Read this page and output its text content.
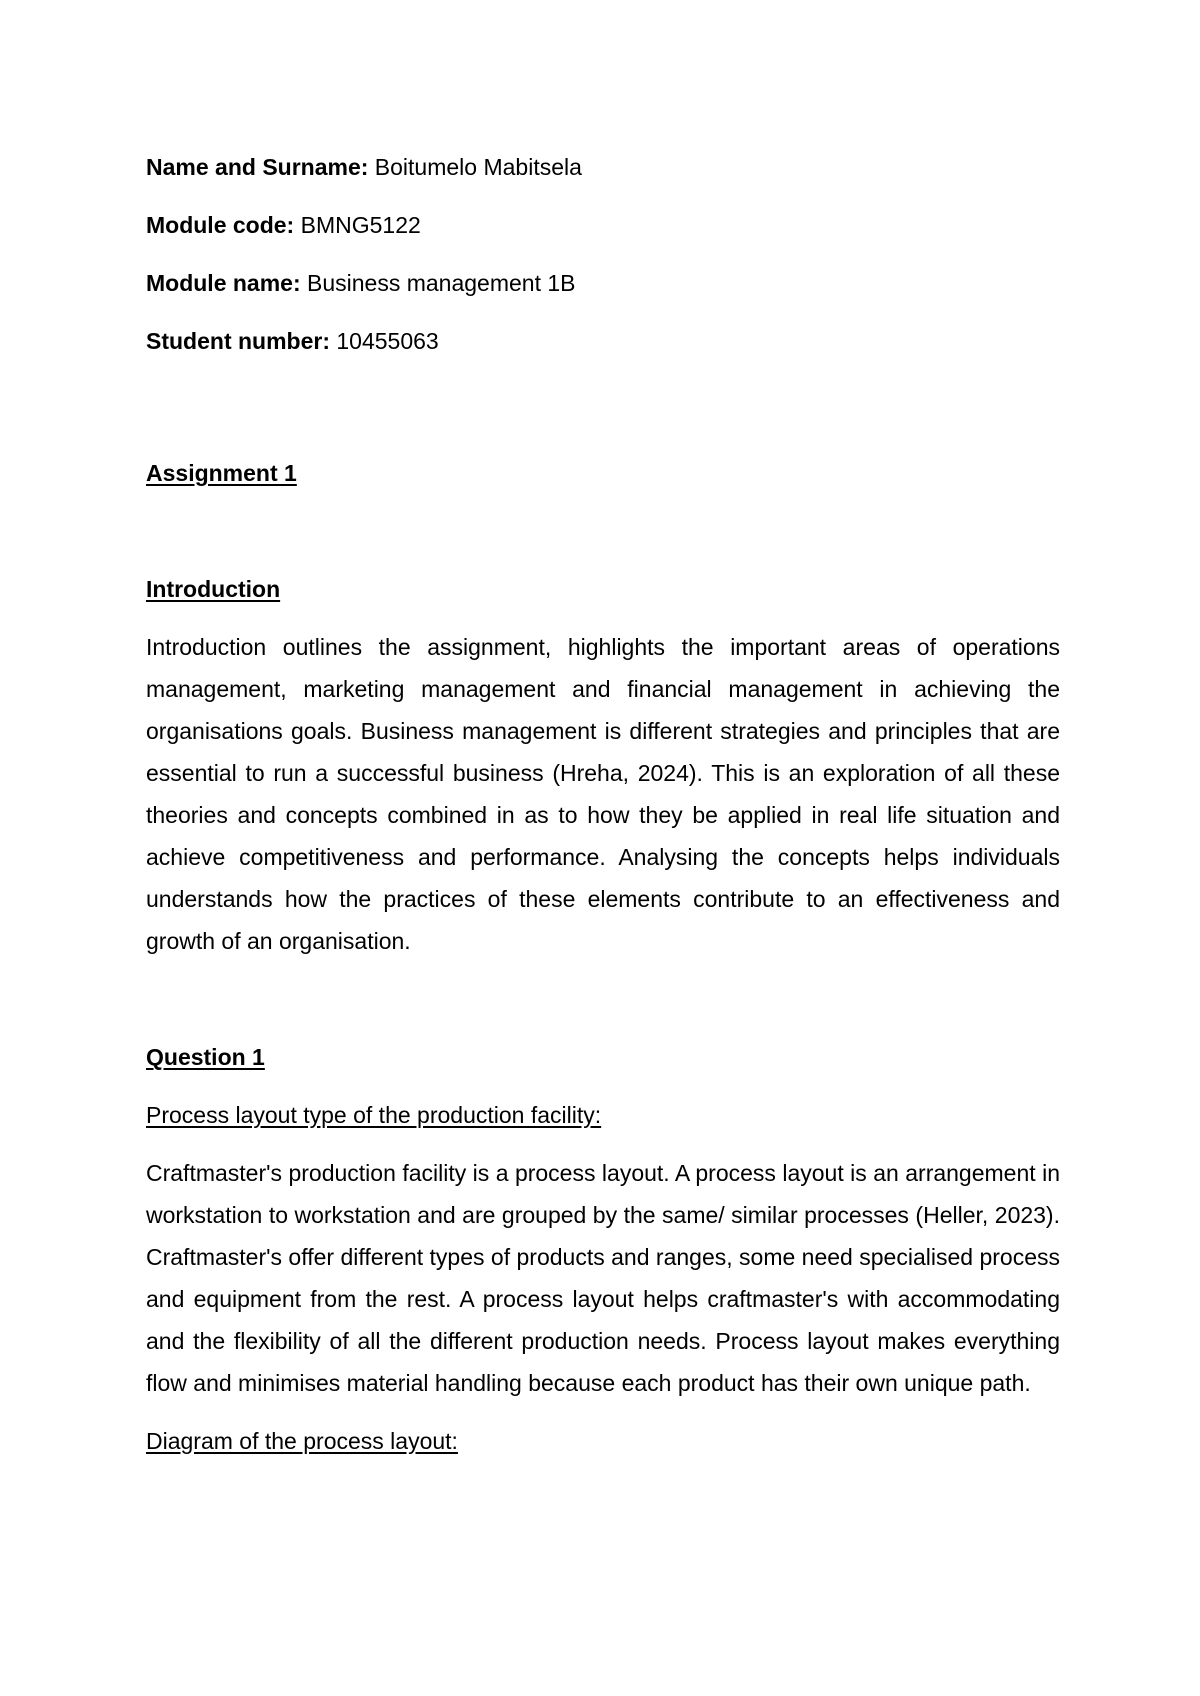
Name and Surname: Boitumelo Mabitsela

Module code: BMNG5122

Module name: Business management 1B

Student number: 10455063

Assignment 1

Introduction

Introduction outlines the assignment, highlights the important areas of operations management, marketing management and financial management in achieving the organisations goals. Business management is different strategies and principles that are essential to run a successful business (Hreha, 2024). This is an exploration of all these theories and concepts combined in as to how they be applied in real life situation and achieve competitiveness and performance. Analysing the concepts helps individuals understands how the practices of these elements contribute to an effectiveness and growth of an organisation.

Question 1

Process layout type of the production facility:

Craftmaster's production facility is a process layout. A process layout is an arrangement in workstation to workstation and are grouped by the same/ similar processes (Heller, 2023). Craftmaster's offer different types of products and ranges, some need specialised process and equipment from the rest. A process layout helps craftmaster's with accommodating and the flexibility of all the different production needs. Process layout makes everything flow and minimises material handling because each product has their own unique path.

Diagram of the process layout:
